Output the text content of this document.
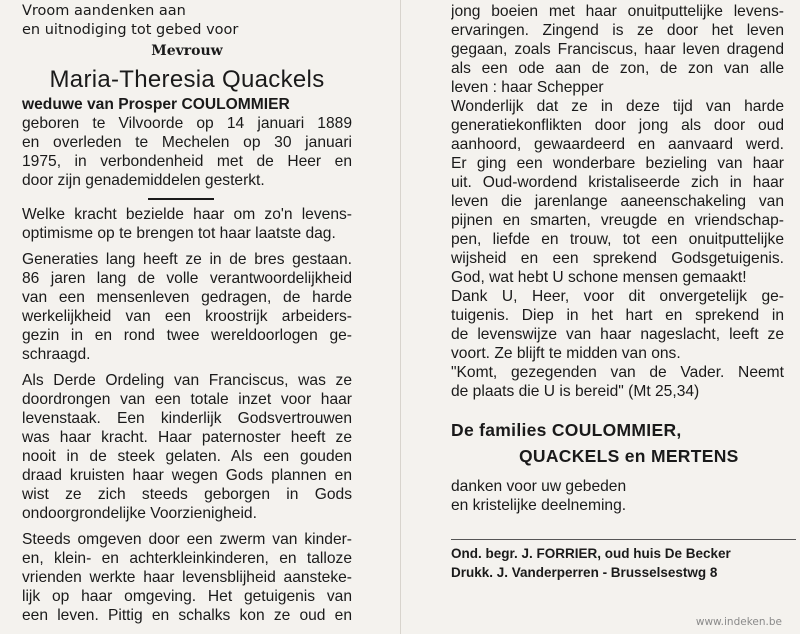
Vroom aandenken aan
en uitnodiging tot gebed voor
Mevrouw
Maria-Theresia Quackels
weduwe van Prosper COULOMMIER
geboren te Vilvoorde op 14 januari 1889
en overleden te Mechelen op 30 januari
1975, in verbondenheid met de Heer en
door zijn genademiddelen gesterkt.
Welke kracht bezielde haar om zo'n levens-
optimisme op te brengen tot haar laatste dag.
Generaties lang heeft ze in de bres gestaan.
86 jaren lang de volle verantwoordelijkheid
van een mensenleven gedragen, de harde
werkelijkheid van een kroostrijk arbeiders-
gezin in en rond twee wereldoorlogen ge-
schraagd.
Als Derde Ordeling van Franciscus, was ze
doordrongen van een totale inzet voor haar
levenstaak. Een kinderlijk Godsvertrouwen
was haar kracht. Haar paternoster heeft ze
nooit in de steek gelaten. Als een gouden
draad kruisten haar wegen Gods plannen en
wist ze zich steeds geborgen in Gods
ondoorgrondelijke Voorzienigheid.
Steeds omgeven door een zwerm van kinder-
en, klein- en achterkleinkinderen, en talloze
vrienden werkte haar levensblijheid aansteke-
lijk op haar omgeving. Het getuigenis van
een leven. Pittig en schalks kon ze oud en
jong boeien met haar onuitputtelijke levens-
ervaringen. Zingend is ze door het leven
gegaan, zoals Franciscus, haar leven dragend
als een ode aan de zon, de zon van alle
leven : haar Schepper
Wonderlijk dat ze in deze tijd van harde
generatiekonflikten door jong als door oud
aanhoord, gewaardeerd en aanvaard werd.
Er ging een wonderbare bezieling van haar
uit. Oud-wordend kristaliseerde zich in haar
leven die jarenlange aaneenschakeling van
pijnen en smarten, vreugde en vriendschap-
pen, liefde en trouw, tot een onuitputtelijke
wijsheid en een sprekend Godsgetuigenis.
God, wat hebt U schone mensen gemaakt!
Dank U, Heer, voor dit onvergetelijk ge-
tuigenis. Diep in het hart en sprekend in
de levenswijze van haar nageslacht, leeft ze
voort. Ze blijft te midden van ons.
"Komt, gezegenden van de Vader. Neemt
de plaats die U is bereid" (Mt 25,34)
De families COULOMMIER,
QUACKELS en MERTENS
danken voor uw gebeden
en kristelijke deelneming.
Ond. begr. J. FORRIER, oud huis De Becker
Drukk. J. Vanderperren - Brusselsestwg 8
www.indeken.be
